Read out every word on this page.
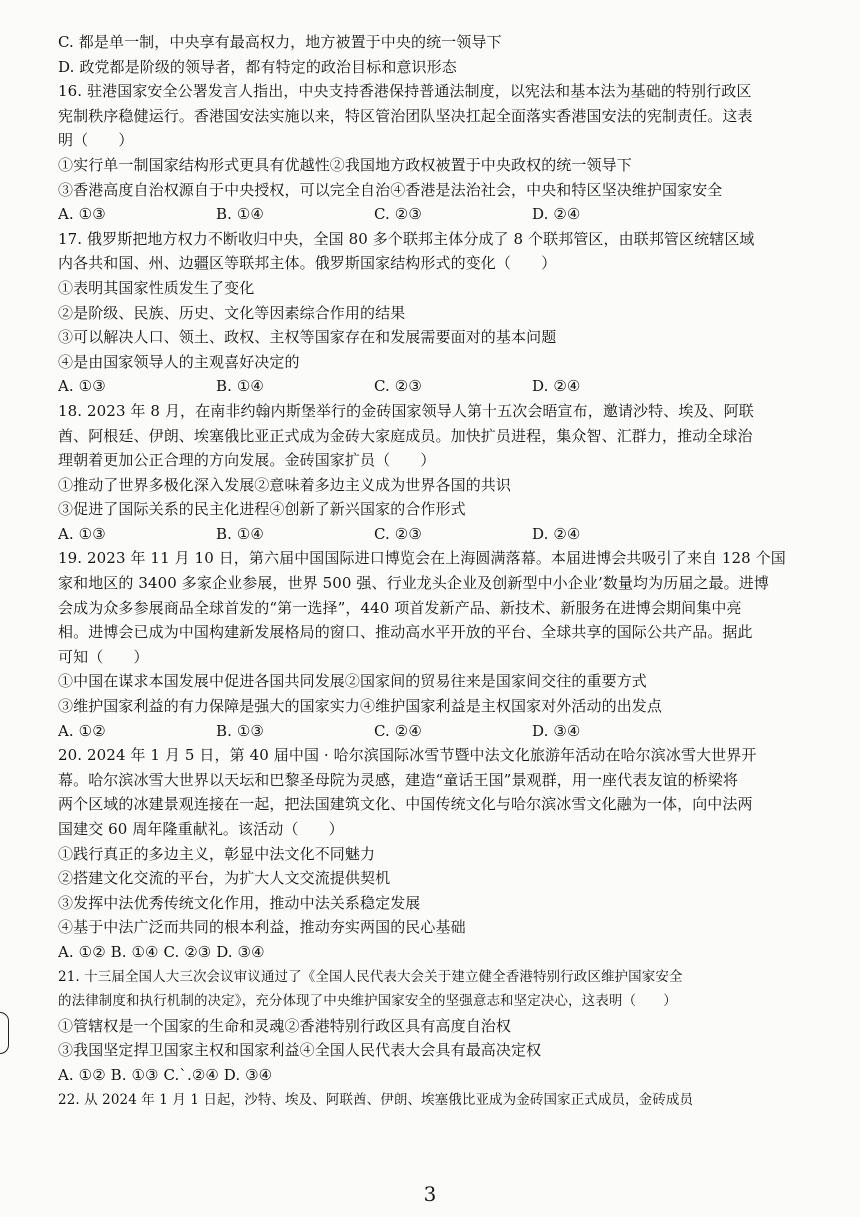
C. 都是单一制，中央享有最高权力，地方被置于中央的统一领导下
D. 政党都是阶级的领导者，都有特定的政治目标和意识形态
16. 驻港国家安全公署发言人指出，中央支持香港保持普通法制度，以宪法和基本法为基础的特别行政区
宪制秩序稳健运行。香港国安法实施以来，特区管治团队坚决扛起全面落实香港国安法的宪制责任。这表
明（　　）
①实行单一制国家结构形式更具有优越性②我国地方政权被置于中央政权的统一领导下
③香港高度自治权源自于中央授权，可以完全自治④香港是法治社会，中央和特区坚决维护国家安全
A. ①③	B. ①④	C. ②③	D. ②④
17. 俄罗斯把地方权力不断收归中央，全国 80 多个联邦主体分成了 8 个联邦管区，由联邦管区统辖区域
内各共和国、州、边疆区等联邦主体。俄罗斯国家结构形式的变化（　　）
①表明其国家性质发生了变化
②是阶级、民族、历史、文化等因素综合作用的结果
③可以解决人口、领土、政权、主权等国家存在和发展需要面对的基本问题
④是由国家领导人的主观喜好决定的
A. ①③	B. ①④	C. ②③	D. ②④
18. 2023 年 8 月，在南非约翰内斯堡举行的金砖国家领导人第十五次会晤宣布，邀请沙特、埃及、阿联
酋、阿根廷、伊朗、埃塞俄比亚正式成为金砖大家庭成员。加快扩员进程，集众智、汇群力，推动全球治
理朝着更加公正合理的方向发展。金砖国家扩员（　　）
①推动了世界多极化深入发展②意味着多边主义成为世界各国的共识
③促进了国际关系的民主化进程④创新了新兴国家的合作形式
A. ①③	B. ①④	C. ②③	D. ②④
19. 2023 年 11 月 10 日，第六届中国国际进口博览会在上海圆满落幕。本届进博会共吸引了来自 128 个国
家和地区的 3400 多家企业参展，世界 500 强、行业龙头企业及创新型中小企业’数量均为历届之最。进博
会成为众多参展商品全球首发的“第一选择”，440 项首发新产品、新技术、新服务在进博会期间集中亮
相。进博会已成为中国构建新发展格局的窗口、推动高水平开放的平台、全球共享的国际公共产品。据此
可知（　　）
①中国在谋求本国发展中促进各国共同发展②国家间的贸易往来是国家间交往的重要方式
③维护国家利益的有力保障是强大的国家实力④维护国家利益是主权国家对外活动的出发点
A. ①②	B. ①③	C. ②④	D. ③④
20. 2024 年 1 月 5 日，第 40 届中国 · 哈尔滨国际冰雪节暨中法文化旅游年活动在哈尔滨冰雪大世界开
幕。哈尔滨冰雪大世界以天坛和巴黎圣母院为灵感，建造“童话王国”景观群，用一座代表友谊的桥梁将
两个区域的冰建景观连接在一起，把法国建筑文化、中国传统文化与哈尔滨冰雪文化融为一体，向中法两
国建交 60 周年隆重献礼。该活动（　　）
①践行真正的多边主义，彰显中法文化不同魅力
②搭建文化交流的平台，为扩大人文交流提供契机
③发挥中法优秀传统文化作用，推动中法关系稳定发展
④基于中法广泛而共同的根本利益，推动夯实两国的民心基础
A. ①② B. ①④ C. ②③ D. ③④
21. 十三届全国人大三次会议审议通过了《全国人民代表大会关于建立健全香港特别行政区维护国家安全
的法律制度和执行机制的决定》，充分体现了中央维护国家安全的坚强意志和坚定决心，这表明（　　）
①管辖权是一个国家的生命和灵魂②香港特别行政区具有高度自治权
③我国坚定捍卫国家主权和国家利益④全国人民代表大会具有最高决定权
A. ①② B. ①③ C.`.②④ D. ③④
22. 从 2024 年 1 月 1 日起，沙特、埃及、阿联酋、伊朗、埃塞俄比亚成为金砖国家正式成员，金砖成员
3
